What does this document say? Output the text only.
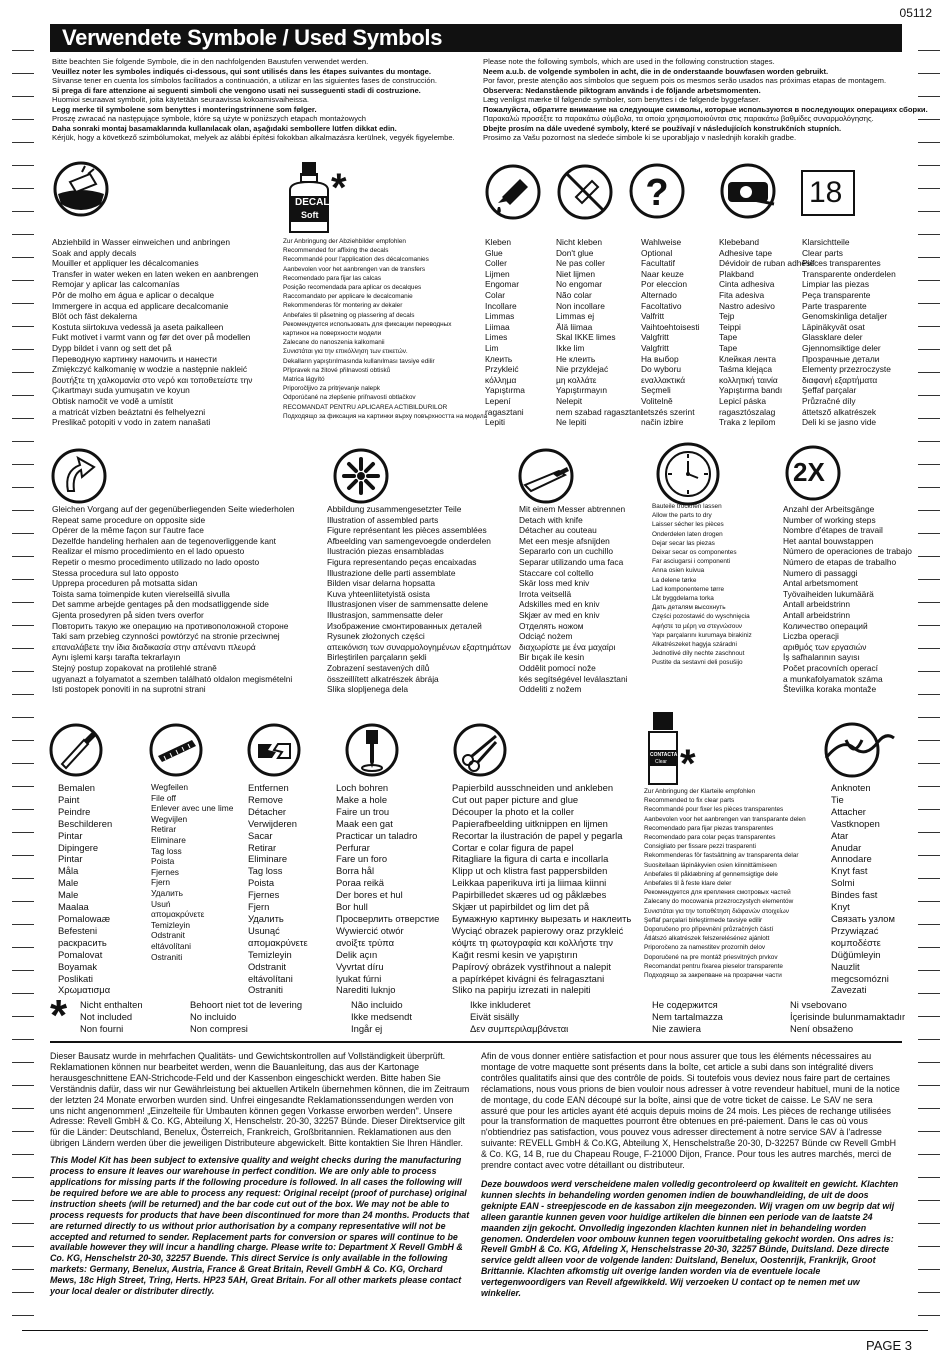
05112
Verwendete Symbole / Used Symbols
Bitte beachten Sie folgende Symbole, die in den nachfolgenden Baustufen verwendet werden.
Veuillez noter les symboles indiqués ci-dessous, qui sont utilisés dans les étapes suivantes du montage.
Sírvanse tener en cuenta los símbolos facilitados a continuación, a utilizar en las siguientes fases de construcción.
Si prega di fare attenzione ai seguenti simboli che vengono usati nei susseguenti stadi di costruzione.
Huomioi seuraavat symbolit, joita käytetään seuraavissa kokoamisvaiheissa.
Legg merke til symbolene som benyttes i monteringstrinnene som følger.
Proszę zwracać na następujące symbole, które są użyte w poniższych etapach montażowych
Daha sonraki montaj basamaklarında kullanılacak olan, aşağıdaki sembollere lütfen dikkat edin.
Kérjük, hogy a következő szimbólumokat, melyek az alábbi építési fokokban alkalmazásra kerülnek, vegyék figyelembe.
Please note the following symbols, which are used in the following construction stages.
Neem a.u.b. de volgende symbolen in acht, die in de onderstaande bouwfasen worden gebruikt.
Por favor, preste atenção aos símbolos que seguem pois os mesmos serão usados nas próximas etapas de montagem.
Observera: Nedanstående piktogram används i de följande arbetsmomenten.
Læg venligst mærke til følgende symboler, som benyttes i de følgende byggefaser.
Пожалуйста, обратите внимание на следующие символы, которые используются в последующих операциях сборки.
Παρακαλώ προσέξτε τα παρακάτω σύμβολα, τα οποία χρησιμοποιούνται στις παρακάτω βαθμίδες συναρμολόγησης.
Dbejte prosím na dále uvedené symboly, které se používají v následujících konstrukčních stupních.
Prosimo za Vašu pozornost na sledeće simbole ki se uporabljajo v naslednjih korakih gradbe.
DECAL
Soft
*	?	18
Abziehbild in Wasser einweichen und anbringen
Soak and apply decals
Mouiller et appliquer les décalcomanies
Transfer in water weken en laten weken en aanbrengen
Remojar y aplicar las calcomanías
Pôr de molho em água e aplicar o decalque
Immergere in acqua ed applicare decalcomanie
Blöt och fäst dekalerna
Kostuta siirtokuva vedessä ja aseta paikalleen
Fukt motivet i varmt vann og før det over på modellen
Dypp bildet i vann og sett det på
Переводную картинку намочить и нанести
Zmiękczyć kalkomanię w wodzie a następnie nakleić
βουτήξτε τη χαλκομανία στο νερό και τοποθετείστε την
Çıkartmayı suda yumuşatın ve koyun
Obtisk namočit ve vodě a umístit
a matricát vízben beáztatni és felhelyezni
Preslikač potopiti v vodo in zatem nanašati
Zur Anbringung der Abziehbilder empfohlen
Recommended for affixing the decals
Recommandé pour l'application des décalcomanies
Aanbevolen voor het aanbrengen van de transfers
Recomendado para fijar las calcas
Posição recomendada para aplicar os decalques
Raccomandato per applicare le decalcomanie
Rekommenderas för montering av dekaler
Anbefales til påsetning og plassering af decals
Рекомендуется использовать для фиксации переводных
картинок на поверхности модели
Zalecane do nanoszenia kalkomanii
Συνιστάται για την επικόλληση των ετικετών.
Dekalların yapıştırılmasında kullanılması tavsiye edilir
Přípravek na žitové přilnavosti obtisků
Matrica lágyító
Priporočljivo za pritrjevanje nalepk
Odporúčané na zlepšenie priľnavosti obtlačkov
RECOMANDAT PENTRU APLICAREA ACTIBILDURILOR
Подходящо за фиксация на картинки върху повърхността на модела
Kleben
Glue
Coller
Lijmen
Engomar
Colar
Incollare
Limmas
Liimaa
Limes
Lim
Клеить
Przykleić
κόλληµα
Yapıştırma
Lepení
ragasztani
Lepiti
Nicht kleben
Don't glue
Ne pas coller
Niet lijmen
No engomar
Não colar
Non incollare
Limmas ej
Älä liimaa
Skal IKKE limes
Ikke lim
Не клеить
Nie przyklejać
µη κολλάτε
Yapıştırmayın
Nelepit
nem szabad ragasztani
Ne lepiti
Wahlweise
Optional
Facultatif
Naar keuze
Por eleccion
Alternado
Facoltativo
Valfritt
Vaihtoehtoisesti
Valgfritt
Valgfritt
На выбор
Do wyboru
εναλλακτικά
Seçmeli
Volitelně
tetszés szerint
način izbire
Klebeband
Adhesive tape
Dévidoir de ruban adhésif
Plakband
Cinta adhesiva
Fita adesiva
Nastro adesivo
Tejp
Teippi
Tape
Tape
Клейкая лента
Taśma klejąca
κολλητική ταινία
Yapıştırma bandı
Lepicí páska
ragasztószalag
Traka z lepilom
Klarsichtteile
Clear parts
Pièces transparentes
Transparente onderdelen
Limpiar las piezas
Peça transparente
Parte trasparente
Genomskinliga detaljer
Läpinäkyvät osat
Glassklare deler
Gjennomsiktige deler
Прозрачные детали
Elementy przezroczyste
διαφανή εξαρτήματα
Şeffaf parçalar
Průzračné díly
áttetsző alkatrészek
Deli ki se jasno vide
2X
Gleichen Vorgang auf der gegenüberliegenden Seite wiederholen
Repeat same procedure on opposite side
Opérer de la même façon sur l'autre face
Dezelfde handeling herhalen aan de tegenoverliggende kant
Realizar el mismo procedimiento en el lado opuesto
Repetir o mesmo procedimento utilizado no lado oposto
Stessa procedura sul lato opposto
Upprepa proceduren på motsatta sidan
Toista sama toimenpide kuten vierelseillä sivulla
Det samme arbejde gentages på den modsatliggende side
Gjenta prosedyren på siden tvers overfor
Повторить такую же операцию на противоположной стороне
Taki sam przebieg czynności powtórzyć na stronie przeciwnej
επαναλάβετε την ίδια διαδικασία στην απέναντι πλευρά
Aynı işlemi karşı tarafta tekrarlayın
Stejný postup zopakovat na protilehlé straně
ugyanazt a folyamatot a szemben található oldalon megismételni
Isti postopek ponoviti in na suprotni strani
Abbildung zusammengesetzter Teile
Illustration of assembled parts
Figure représentant les pièces assemblées
Afbeelding van samengevoegde onderdelen
Ilustración piezas ensambladas
Figura representando peças encaixadas
Illustrazione delle parti assemblate
Bilden visar delarna hopsatta
Kuva yhteenliitetyistä osista
Illustrasjonen viser de sammensatte delene
Illustrasjon, sammensatte deler
Изображение смонтированных деталей
Rysunek złożonych części
απεικόνιση των συναρμολογημένων εξαρτημάτων
Birleştirilen parçaların şekli
Zobrazení sestavených dílů
összeillített alkatrészek ábrája
Slika sloplјenega dela
Mit einem Messer abtrennen
Detach with knife
Détacher au couteau
Met een mesje afsnijden
Separarlo con un cuchillo
Separar utilizando uma faca
Staccare col coltello
Skär loss med kniv
Irrota veitsellä
Adskilles med en kniv
Skjær av med en kniv
Отделять ножом
Odciąć nożem
διαχωρίστε με ένα μαχαίρι
Bir bıçak ile kesin
Oddělit pomocí nože
kés segítségével leválasztani
Oddeliti z nožem
Bauteile trocknen lassen
Allow the parts to dry
Laisser sécher les pièces
Onderdelen laten drogen
Dejar secar las piezas
Deixar secar os componentes
Far asciugarsi i componenti
Anna osien kuivua
La delene tørke
Lad komponenterne tørre
Låt byggdelarna torka
Дать деталям высохнуть
Części pozostawić do wyschnięcia
Αφήστε τα μέρη να στεγνώσουν
Yapı parçalarını kurumaya birakiniz
Alkatrészeket hagyja száradni
Jednotlivé díly nechte zaschnout
Pustite da sestavni deli posušijo
Anzahl der Arbeitsgänge
Number of working steps
Nombre d'étapes de travail
Het aantal bouwstappen
Número de operaciones de trabajo
Número de etapas de trabalho
Numero di passaggi
Antal arbetsmoment
Työvaiheiden lukumäärä
Antall arbeidstrinn
Antall arbeidstrinn
Количество операций
Liczba operacji
αριθμός των εργασιών
İş safhalarının sayısı
Počet pracovních operací
a munkafolyamatok száma
Števiilka koraka montaže
CONTACTA
Clear *
Bemalen
Paint
Peindre
Beschilderen
Pintar
Dipingere
Pintar
Måla
Male
Male
Maalaa
Pomalowaæ
Befesteni
раскрасить
Pomalovat
Boyamak
Poslikati
Χρωματισμα
Wegfeilen
File off
Enlever avec une lime
Wegvijlen
Retirar
Eliminare
Tag loss
Poista
Fjernes
Fjern
Удалить
Usuń
απομακρύνετε
Temizleyin
Odstranit
eltávolítani
Ostraniti
Entfernen
Remove
Détacher
Verwijderen
Sacar
Retirar
Eliminare
Tag loss
Poista
Fjernes
Fjern
Удалить
Usunąć
απομακρύνετε
Temizleyin
Odstranit
eltávolítani
Ostraniti
Loch bohren
Make a hole
Faire un trou
Maak een gat
Practicar un taladro
Perfurar
Fare un foro
Borra hål
Poraa reikä
Der bores et hul
Bor hull
Просверлить отверстие
Wywiercić otwór
ανοίξτε τρύπα
Delik açın
Vyvrtat díru
lyukat fúrni
Narediti luknjo
Papierbild ausschneiden und ankleben
Cut out paper picture and glue
Découper la photo et la coller
Papierafbeelding uitknippen en lijmen
Recortar la ilustración de papel y pegarla
Cortar e colar figura de papel
Ritagliare la figura di carta e incollarla
Klipp ut och klistra fast pappersbilden
Leikkaa paperikuva irti ja liimaa kiinni
Papirbilledet skæres ud og påklæbes
Skjær ut papirbildet og lim det på
Бумажную картинку вырезать и наклеить
Wyciąć obrazek papierowy oraz przykleić
κόψτε τη φωτογραφία και κολλήστε την
Kağıt resmi kesin ve yapıştırın
Papírový obrázek vystřihnout a nalepit
a papírképet kivágni és felragasztani
Sliko na papirju izrezati in nalepiti
Zur Anbringung der Klarteile empfohlen
Recommended to fix clear parts
Recommandé pour fixer les pièces transparentes
Aanbevolen voor het aanbrengen van transparante delen
Recomendado para fijar piezas transparentes
Recomendado para colar peças transparentes
Consigliato per fissare pezzi trasparenti
Rekommenderas för fastsättning av transparenta delar
Suositellaan läpinäkyvien osien kiinnittämiseen
Anbefales til påklæbning af gennemsigtige dele
Anbefales til å feste klare deler
Рекомендуется для крепления смотровых частей
Zalecany do mocowania przezroczystych elementów
Συνιστάται για την τοποθέτηση διάφανών στοιχείων
Şeffaf parçalari birleştirmede tavsiye edilir
Doporučeno pro připevnění průzračných částí
Átlátszó alkatrészek felszerelésénez ajánlott
Priporočeno za namestitev prozornih delov
Doporučené na pre montáž priesvitných prvkov
Recomandat pentru fixarea pieselor transparente
Подходящо за закрепване на прозрачни части
Anknoten
Tie
Attacher
Vastknopen
Atar
Anudar
Annodare
Knyt fast
Solmi
Bindes fast
Knyt
Связать узлом
Przywiązać
κομποδέστε
Düğümleyin
Nauzlit
megcsomózni
Zavezati
* Nicht enthalten
Not included
Non fourni
Behoort niet tot de levering
No incluido
Non compresi
Não incluido
Ikke medsendt
Ingår ej
Ikke inkluderet
Eivät sisälly
Δεν συμπεριλαμβάνεται
Не содержится
Nem tartalmazza
Nie zawiera
Ni vsebovano
İçerisinde bulunmamaktadır
Není obsaženo

Dieser Bausatz wurde in mehrfachen Qualitäts- und Gewichtskontrollen auf Vollständigkeit überprüft. Reklamationen können nur bearbeitet werden, wenn die Bauanleitung, das aus der Kartonage herausgeschnittene EAN-Strichcode-Feld und der Kassenbon eingeschickt werden. Bitte haben Sie Verständnis dafür, dass wir nur Gewährleistung bei aktuellen Artikeln übernehmen können, die im Zeitraum der letzten 24 Monate erworben wurden sind. Unfrei eingesandte Reklamationssendungen werden von uns nicht angenommen! „Einzelteile für Umbauten können gegen Vorkasse erworben werden". Unsere Adresse: Revell GmbH & Co. KG, Abteilung X, Henschelstr. 20-30, 32257 Bünde. Dieser Direktservice gilt für die Länder: Deutschland, Benelux, Österreich, Frankreich, Großbritannien. Reklamationen aus den übrigen Ländern werden über die jeweiligen Distributeure abgewickelt. Bitte kontaktien Sie Ihren Händler.

This Model Kit has been subject to extensive quality and weight checks during the manufacturing process to ensure it leaves our warehouse in perfect condition. We are only able to process applications for missing parts if the following procedure is followed. In all cases the following will be required before we are able to process any request: Original receipt (proof of purchase) original instruction sheets (will be returned) and the bar code cut out of the box. We may not be able to process requests for products that have been discontinued for more than 24 months. Products that are returned directly to us without prior authorisation by a company representative will not be accepted and returned to sender. Replacement parts for conversion or spares will continue to be available however they will incur a handling charge. Please write to: Department X Revell GmbH & Co. KG, Henschelstr 20-30, 32257 Buende. This direct Service is only available in the following markets: Germany, Benelux, Austria, France & Great Britain, Revell GmbH & Co. KG, Orchard Mews, 18c High Street, Tring, Herts. HP23 5AH, Great Britain. For all other markets please contact your local dealer or distributer directly.

Afin de vous donner entière satisfaction et pour nous assurer que tous les éléments nécessaires au montage de votre maquette sont présents dans la boîte, cet article a subi dans son intégralité divers contrôles qualitatifs ainsi que des contrôle de poids. Si toutefois vous deviez nous faire part de certaines réclamations, nous vous prions de bien vouloir nous adresser à votre revendeur habituel, muni de la notice de montage, du code EAN découpé sur la boîte, ainsi que de votre ticket de caisse. Le SAV ne sera assuré que pour les articles ayant été acquis depuis moins de 24 mois. Les pièces de rechange utilisées pour la transformation de maquettes pourront être obtenues en pré-paiement. Dans le cas où vous n'obtiendriez pas satisfaction, vous pouvez vous adresser directement à notre service SAV à l'adresse suivante: REVELL GmbH & Co.KG, Abteilung X, Henschelstraße 20-30, D-32257 Bünde cw Revell GmbH & Co. KG, 14 B, rue du Chapeau Rouge, F-21000 Dijon, France. Pour tous les autres marchés, merci de prendre contact avec votre détaillant ou distributeur.

Deze bouwdoos werd verscheidene malen volledig gecontroleerd op kwaliteit en gewicht. Klachten kunnen slechts in behandeling worden genomen indien de bouwhandleiding, de uit de doos geknipte EAN - streepjescode en de kassabon zijn meegezonden. Wij vragen om uw begrip dat wij alleen garantie kunnen geven voor huidige artikelen die binnen een periode van de laatste 24 maanden zijn gekocht. Onvolledig ingezonden klachten kunnen niet in behandeling worden genomen. Onderdelen voor ombouw kunnen tegen vooruitbetaling gekocht worden. Ons adres is: Revell GmbH & Co. KG, Afdeling X, Henschelstrasse 20-30, 32257 Bünde, Duitsland. Deze directe service geldt alleen voor de volgende landen: Duitsland, Benelux, Oostenrijk, Frankrijk, Groot Brittannie. Klachten afkomstig uit overige landen worden via de eventuele locale vertegenwoordigers van Revell afgewikkeld. Wij verzoeken U contact op te nemen met uw winkelier.

PAGE 3
